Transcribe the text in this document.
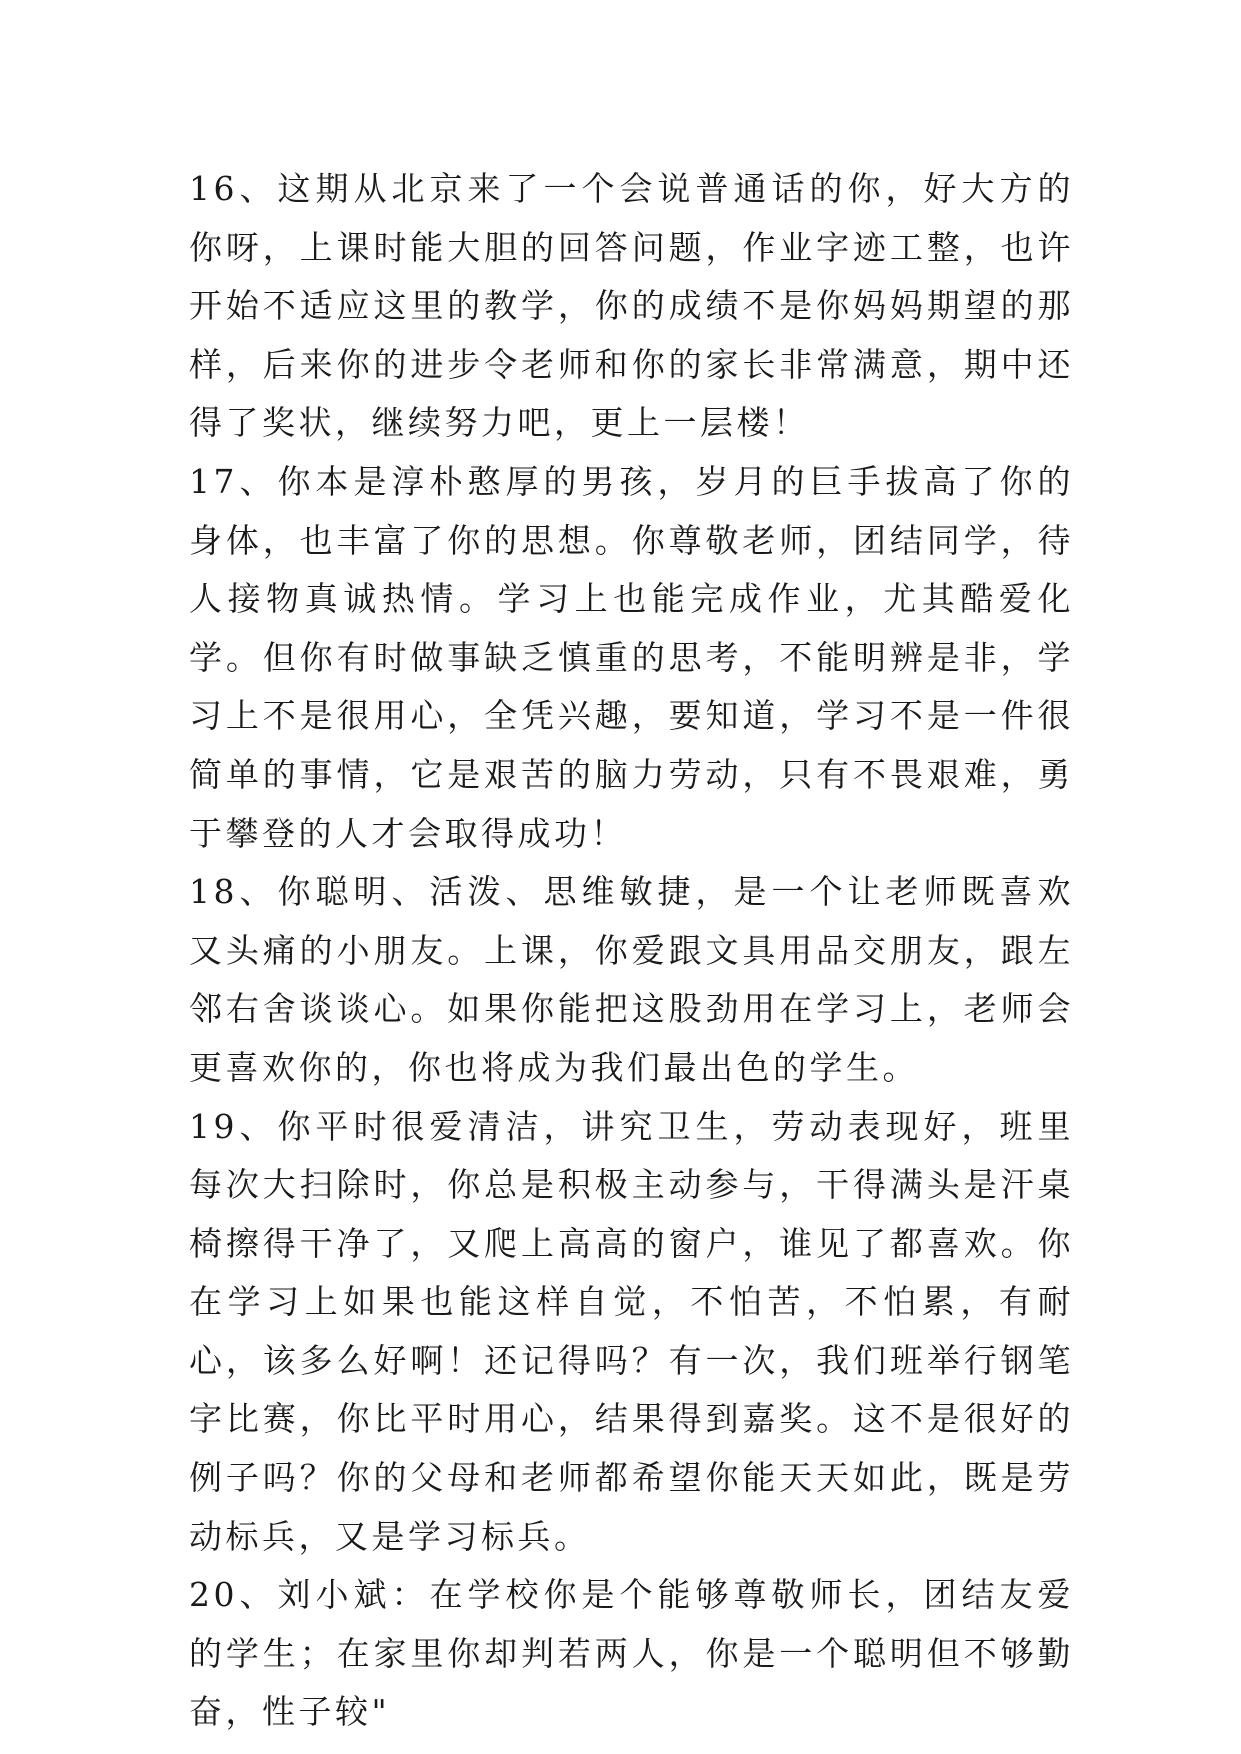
16、这期从北京来了一个会说普通话的你，好大方的你呀，上课时能大胆的回答问题，作业字迹工整，也许开始不适应这里的教学，你的成绩不是你妈妈期望的那样，后来你的进步令老师和你的家长非常满意，期中还得了奖状，继续努力吧，更上一层楼！

17、你本是淳朴憨厚的男孩，岁月的巨手拔高了你的身体，也丰富了你的思想。你尊敬老师，团结同学，待人接物真诚热情。学习上也能完成作业，尤其酷爱化学。但你有时做事缺乏慎重的思考，不能明辨是非，学习上不是很用心，全凭兴趣，要知道，学习不是一件很简单的事情，它是艰苦的脑力劳动，只有不畏艰难，勇于攀登的人才会取得成功！

18、你聪明、活泼、思维敏捷，是一个让老师既喜欢又头痛的小朋友。上课，你爱跟文具用品交朋友，跟左邻右舍谈谈心。如果你能把这股劲用在学习上，老师会更喜欢你的，你也将成为我们最出色的学生。

19、你平时很爱清洁，讲究卫生，劳动表现好，班里每次大扫除时，你总是积极主动参与，干得满头是汗桌椅擦得干净了，又爬上高高的窗户，谁见了都喜欢。你在学习上如果也能这样自觉，不怕苦，不怕累，有耐心，该多么好啊！还记得吗？有一次，我们班举行钢笔字比赛，你比平时用心，结果得到嘉奖。这不是很好的例子吗？你的父母和老师都希望你能天天如此，既是劳动标兵，又是学习标兵。

20、刘小斌：在学校你是个能够尊敬师长，团结友爱的学生；在家里你却判若两人，你是一个聪明但不够勤奋，性子较"
